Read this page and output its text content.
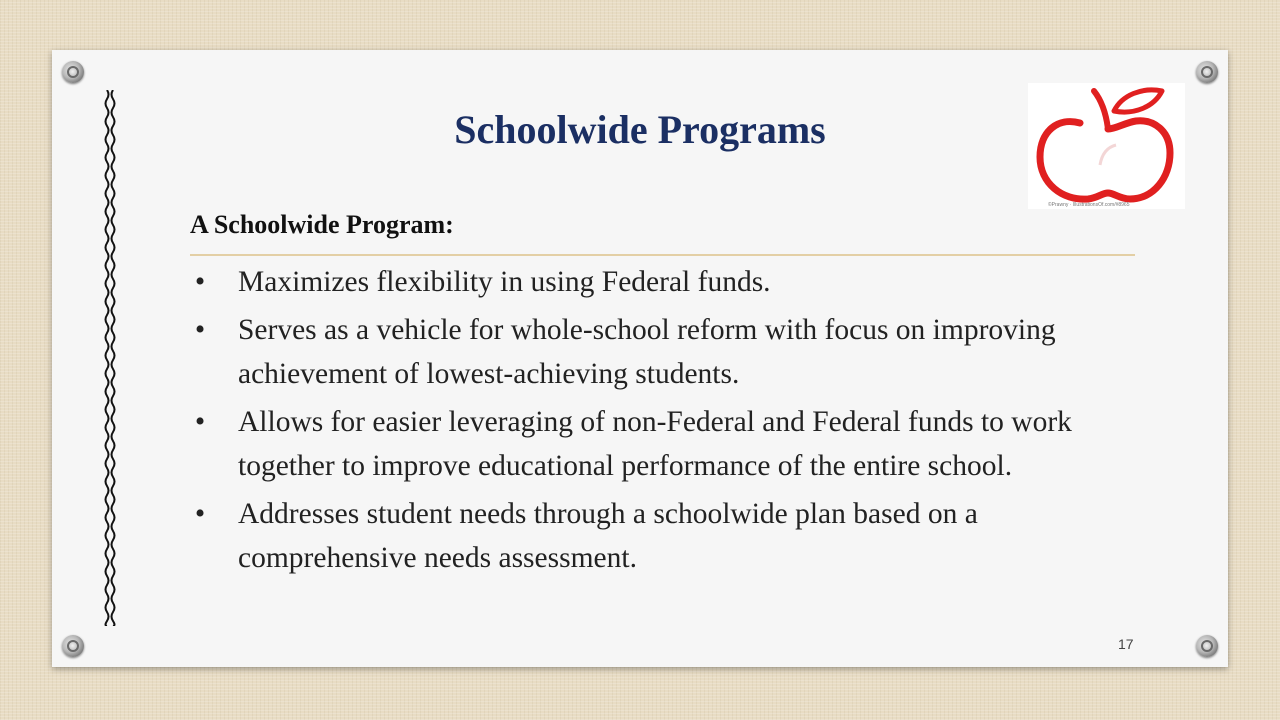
Schoolwide Programs
©Prawny · IllustrationsOf.com/#8965
A Schoolwide Program:
• Maximizes flexibility in using Federal funds.
• Serves as a vehicle for whole-school reform with focus on improving achievement of lowest-achieving students.
• Allows for easier leveraging of non-Federal and Federal funds to work together to improve educational performance of the entire school.
• Addresses student needs through a schoolwide plan based on a comprehensive needs assessment.
17
